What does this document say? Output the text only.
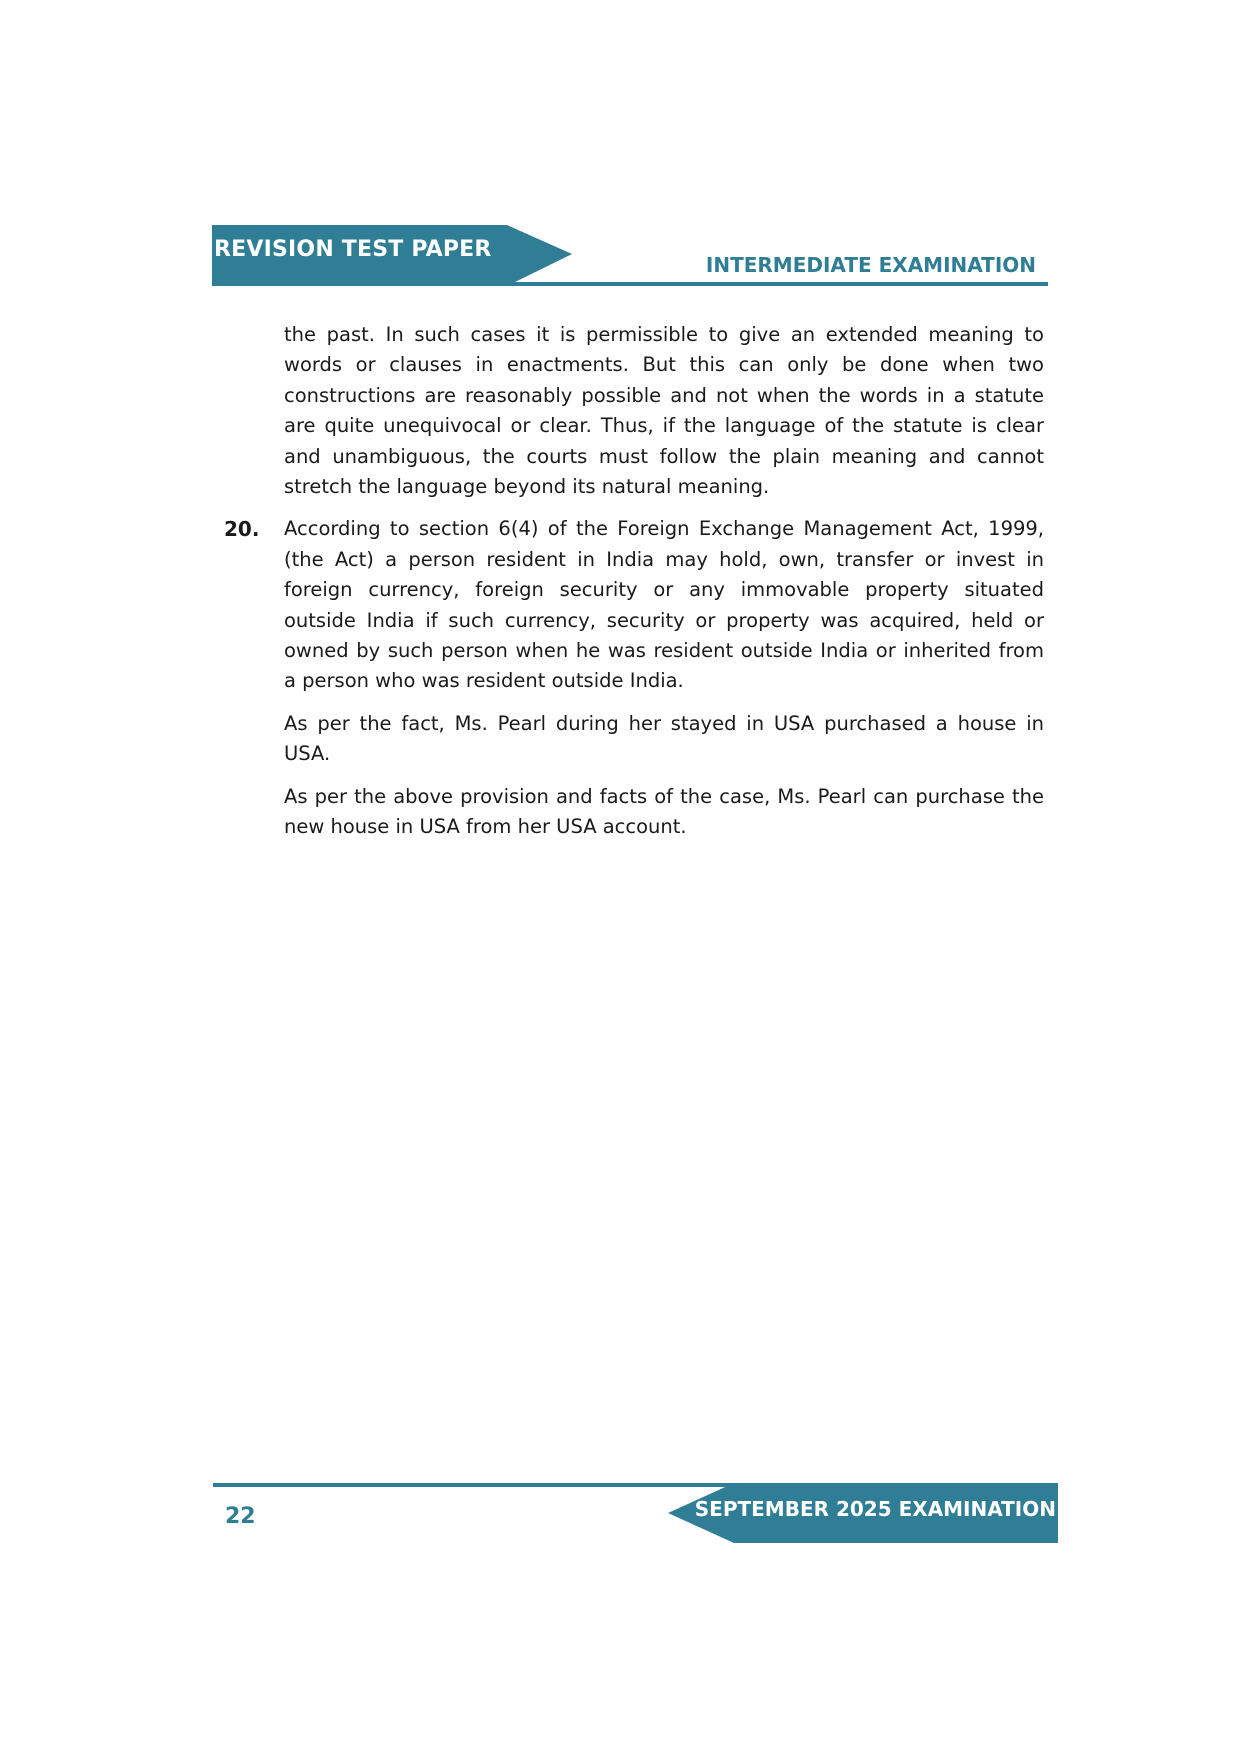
REVISION TEST PAPER
INTERMEDIATE EXAMINATION

the past. In such cases it is permissible to give an extended meaning to words or clauses in enactments. But this can only be done when two constructions are reasonably possible and not when the words in a statute are quite unequivocal or clear. Thus, if the language of the statute is clear and unambiguous, the courts must follow the plain meaning and cannot stretch the language beyond its natural meaning.

20. According to section 6(4) of the Foreign Exchange Management Act, 1999, (the Act) a person resident in India may hold, own, transfer or invest in foreign currency, foreign security or any immovable property situated outside India if such currency, security or property was acquired, held or owned by such person when he was resident outside India or inherited from a person who was resident outside India.

As per the fact, Ms. Pearl during her stayed in USA purchased a house in USA.

As per the above provision and facts of the case, Ms. Pearl can purchase the new house in USA from her USA account.

22	SEPTEMBER 2025 EXAMINATION
